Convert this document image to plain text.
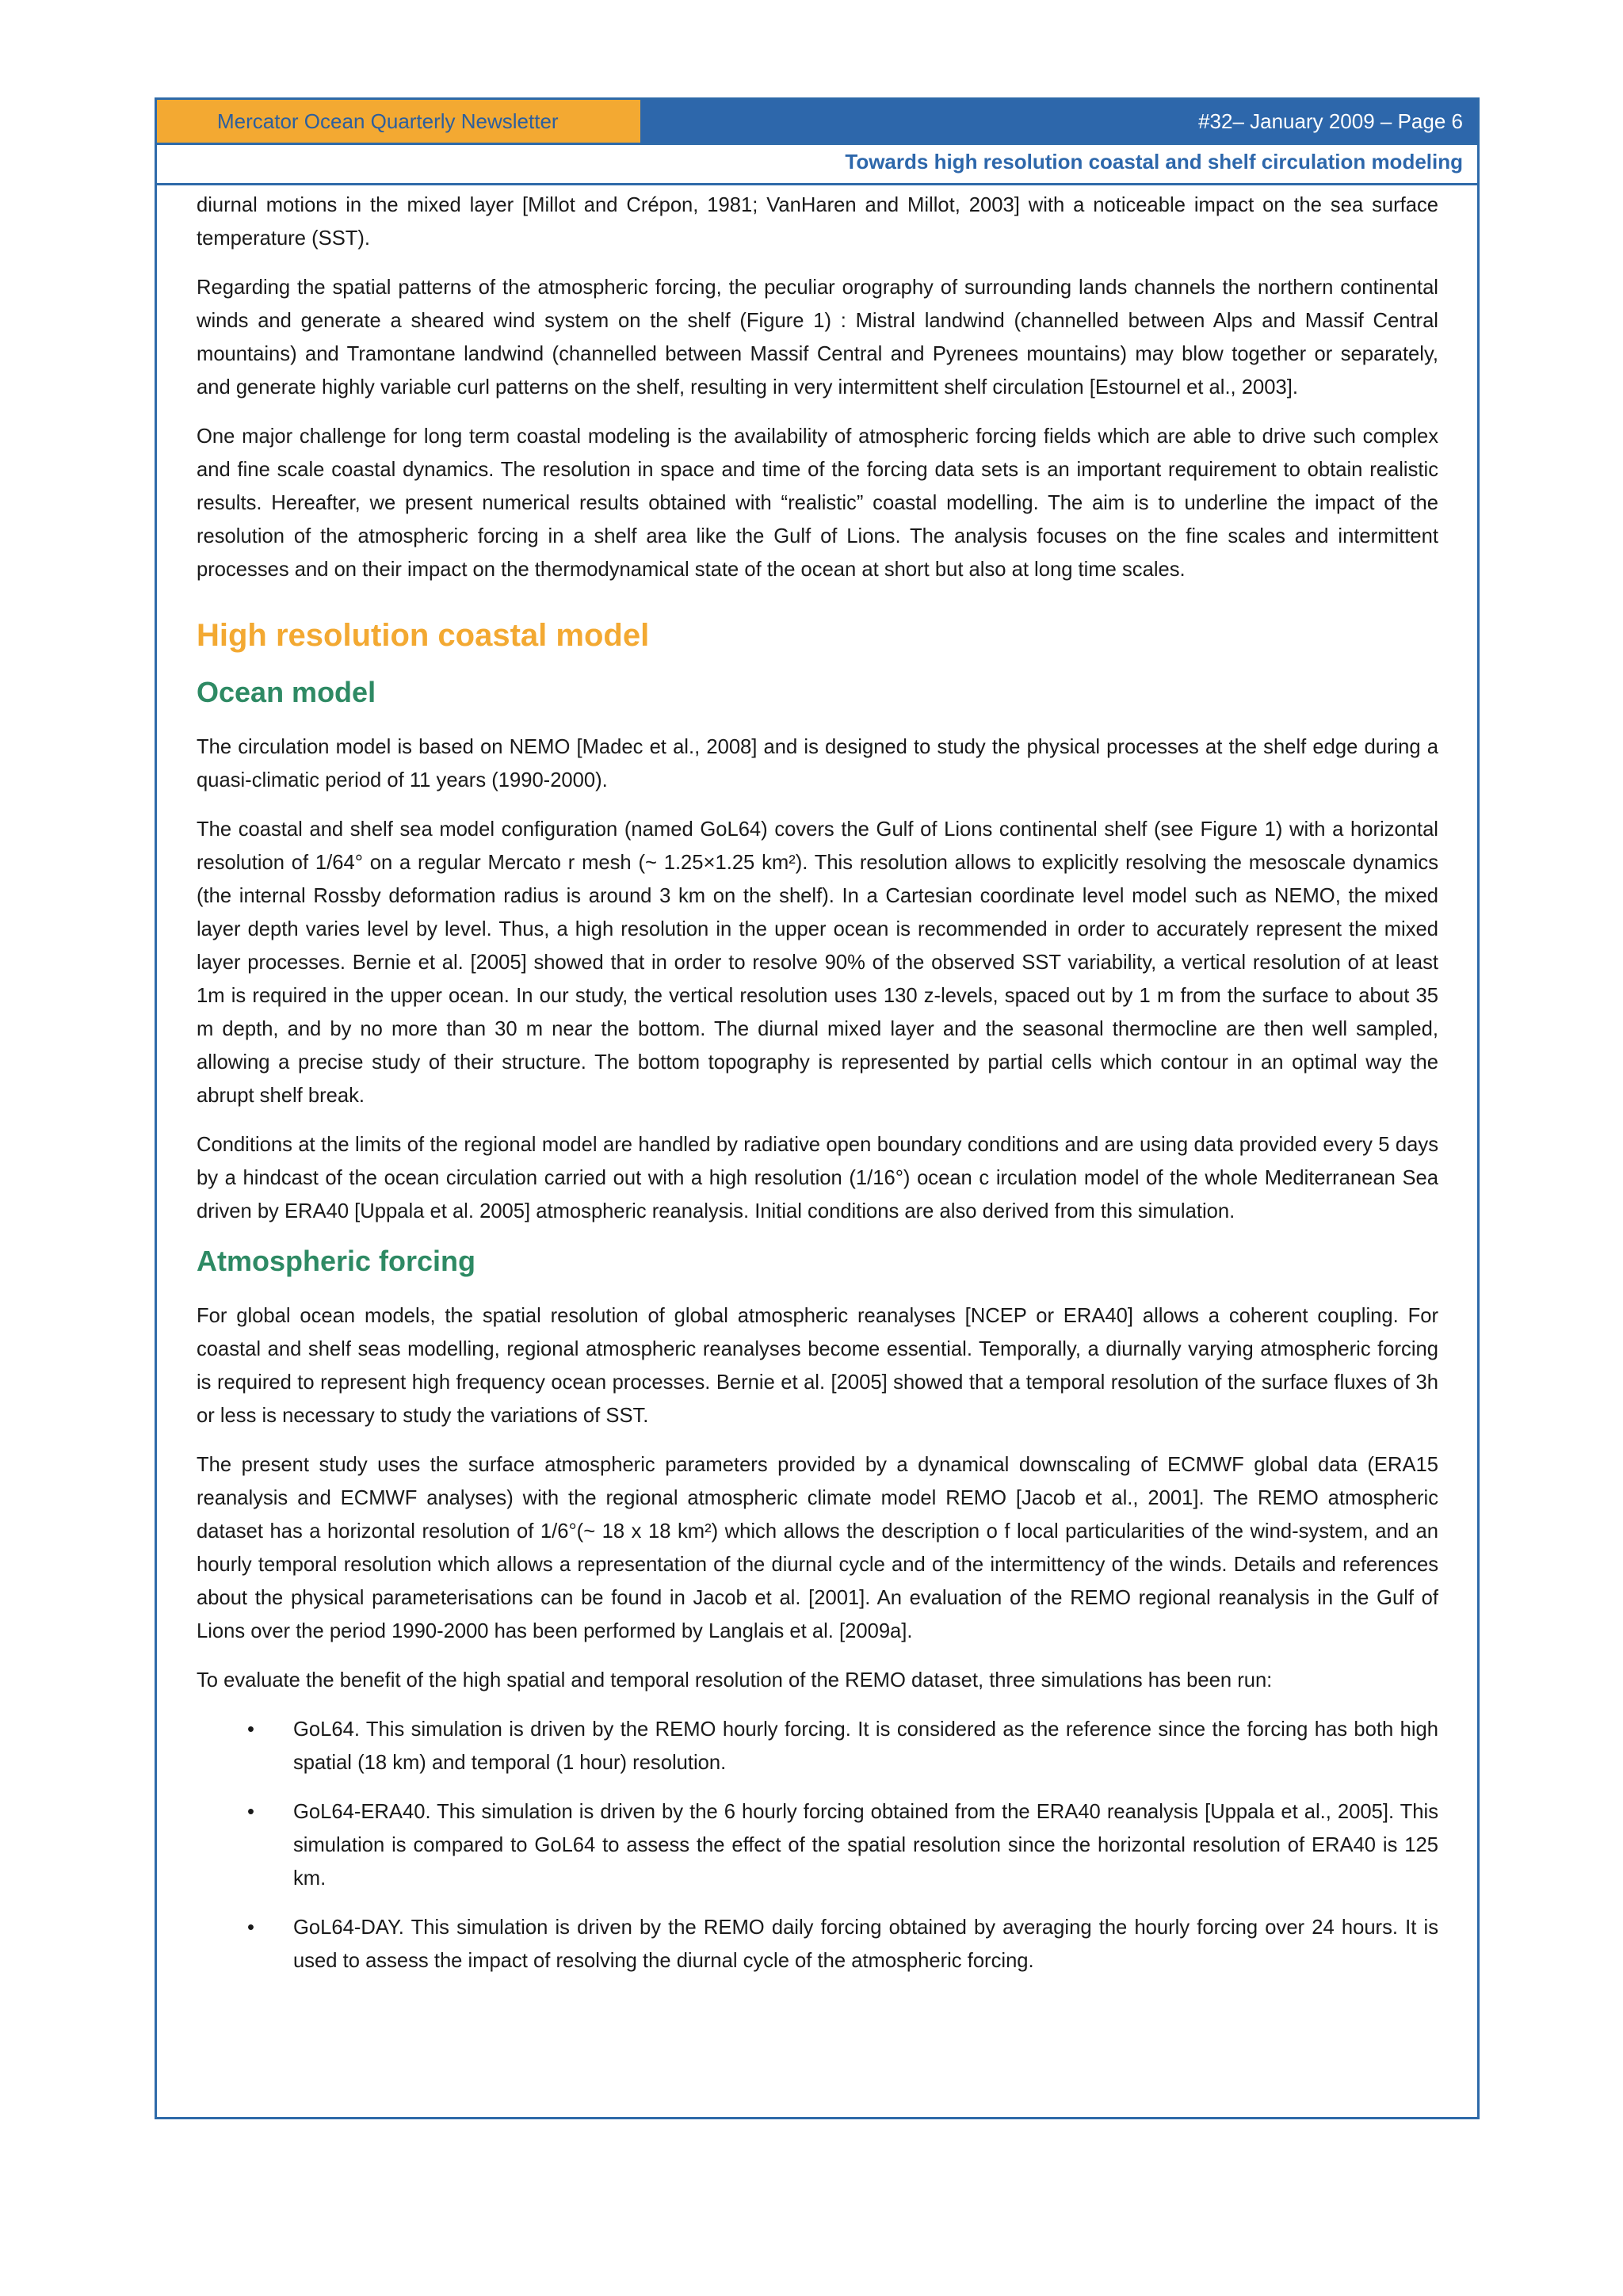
Mercator Ocean Quarterly Newsletter	#32– January 2009 – Page 6
Towards high resolution coastal and shelf circulation modeling

diurnal motions in the mixed layer [Millot and Crépon, 1981; VanHaren and Millot, 2003] with a noticeable impact on the sea surface temperature (SST).

Regarding the spatial patterns of the atmospheric forcing, the peculiar orography of surrounding lands channels the northern continental winds and generate a sheared wind system on the shelf (Figure 1) : Mistral landwind (channelled between Alps and Massif Central mountains) and Tramontane landwind (channelled between Massif Central and Pyrenees mountains) may blow together or separately, and generate highly variable curl patterns on the shelf, resulting in very intermittent shelf circulation [Estournel et al., 2003].

One major challenge for long term coastal modeling is the availability of atmospheric forcing fields which are able to drive such complex and fine scale coastal dynamics. The resolution in space and time of the forcing data sets is an important requirement to obtain realistic results. Hereafter, we present numerical results obtained with “realistic” coastal modelling. The aim is to underline the impact of the resolution of the atmospheric forcing in a shelf area like the Gulf of Lions. The analysis focuses on the fine scales and intermittent processes and on their impact on the thermodynamical state of the ocean at short but also at long time scales.

High resolution coastal model
Ocean model

The circulation model is based on NEMO [Madec et al., 2008] and is designed to study the physical processes at the shelf edge during a quasi-climatic period of 11 years (1990-2000).

The coastal and shelf sea model configuration (named GoL64) covers the Gulf of Lions continental shelf (see Figure 1) with a horizontal resolution of 1/64° on a regular Mercato r mesh (~ 1.25×1.25 km²). This resolution allows to explicitly resolving the mesoscale dynamics (the internal Rossby deformation radius is around 3 km on the shelf). In a Cartesian coordinate level model such as NEMO, the mixed layer depth varies level by level. Thus, a high resolution in the upper ocean is recommended in order to accurately represent the mixed layer processes. Bernie et al. [2005] showed that in order to resolve 90% of the observed SST variability, a vertical resolution of at least 1m is required in the upper ocean. In our study, the vertical resolution uses 130 z-levels, spaced out by 1 m from the surface to about 35 m depth, and by no more than 30 m near the bottom. The diurnal mixed layer and the seasonal thermocline are then well sampled, allowing a precise study of their structure. The bottom topography is represented by partial cells which contour in an optimal way the abrupt shelf break.

Conditions at the limits of the regional model are handled by radiative open boundary conditions and are using data provided every 5 days by a hindcast of the ocean circulation carried out with a high resolution (1/16°) ocean c irculation model of the whole Mediterranean Sea driven by ERA40 [Uppala et al. 2005] atmospheric reanalysis. Initial conditions are also derived from this simulation.

Atmospheric forcing

For global ocean models, the spatial resolution of global atmospheric reanalyses [NCEP or ERA40] allows a coherent coupling. For coastal and shelf seas modelling, regional atmospheric reanalyses become essential. Temporally, a diurnally varying atmospheric forcing is required to represent high frequency ocean processes. Bernie et al. [2005] showed that a temporal resolution of the surface fluxes of 3h or less is necessary to study the variations of SST.

The present study uses the surface atmospheric parameters provided by a dynamical downscaling of ECMWF global data (ERA15 reanalysis and ECMWF analyses) with the regional atmospheric climate model REMO [Jacob et al., 2001]. The REMO atmospheric dataset has a horizontal resolution of 1/6°(~ 18 x 18 km²) which allows the description o f local particularities of the wind-system, and an hourly temporal resolution which allows a representation of the diurnal cycle and of the intermittency of the winds. Details and references about the physical parameterisations can be found in Jacob et al. [2001]. An evaluation of the REMO regional reanalysis in the Gulf of Lions over the period 1990-2000 has been performed by Langlais et al. [2009a].

To evaluate the benefit of the high spatial and temporal resolution of the REMO dataset, three simulations has been run:

• GoL64. This simulation is driven by the REMO hourly forcing. It is considered as the reference since the forcing has both high spatial (18 km) and temporal (1 hour) resolution.
• GoL64-ERA40. This simulation is driven by the 6 hourly forcing obtained from the ERA40 reanalysis [Uppala et al., 2005]. This simulation is compared to GoL64 to assess the effect of the spatial resolution since the horizontal resolution of ERA40 is 125 km.
• GoL64-DAY. This simulation is driven by the REMO daily forcing obtained by averaging the hourly forcing over 24 hours. It is used to assess the impact of resolving the diurnal cycle of the atmospheric forcing.
